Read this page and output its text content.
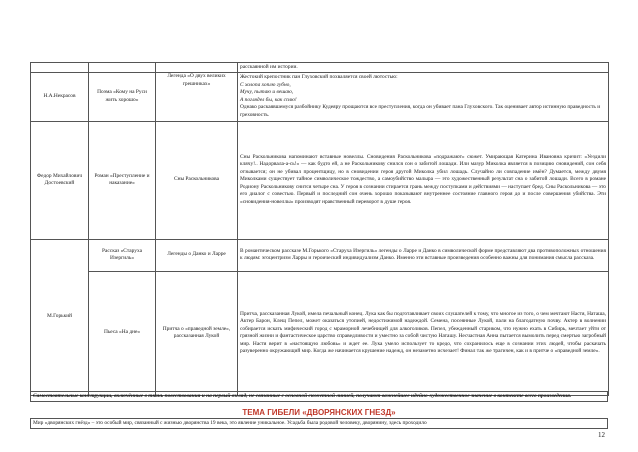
			расскаянной им истории.
Н.А.Некрасов	Поэма «Кому на Руси жить хорошо»	Легенда «О двух великих грешниках»	Жестокий крепостник пан Глуховский похваляется своей лютостью:
С холопа хоплю губно,
Мучу, пытаю и вешаю,
А поглядел бы, как сплю!
Однако раскаявшемуся разбойнику Кудеяру прощаются все преступления, когда он убивает пана Глуховского. Так оценивает автор истинную праведность и греховность.

Федор Михайлович Достоевский	Роман «Преступление и наказание»	Сны Раскольникова	Сны Раскольникова напоминают вставные новеллы. Сновидения Раскольникова «подражают» сюжет. Умирающая Катерина Ивановна кричит: «Уездили клячу!.. Надорвала-а-сь!» — как будто ей, а не Раскольникову снился сон о забитой лошади. Или мазур Миколка является в позицию сновидений, сон себя отзывается; он не убивал процентщицу, но в сновидении героя другой Миколка убил лошадь. Случайно ли совпадение имён? Думается, между двумя Миколками существует тайное символическое тождество, а самоубийство малыра — это художественный результат сна о забитой лошади. Всего в романе Родиону Раскольникову снится четыре сна. У героя в сознании стирается грань между поступками и действиями — наступает бред. Сны Раскольникова — это его диалог с совестью. Первый и последний сон очень хорошо показывают внутреннее состояние главного героя до и после совершения убийства. Эти «сновидения-новеллы» производят нравственный переворот в душе героя.
М.Горький	Рассказ «Старуха Изергиль»	Легенды о Данко и Ларре	В романтическом рассказе М.Горького «Старуха Изергиль» легенды о Ларре и Данко в символической форме представляют два противоположных отношения к людям: эгоцентризм Ларры и героический индивидуализм Данко. Именно эти вставные произведения особенно важны для понимания смысла рассказа.
	Пьеса «На дне»	Притча о «праведной земле», рассказанная Лукой	Притча, рассказанная Лукой, имела печальный конец. Лука как бы подготавливает своих слушателей к тому, что многое из того, о чем мечтают Настя, Наташа, Актер Барон, Клещ Пепел, может оказаться утопией, недостижимой надеждой. Семена, посеянные Лукой, пали на благодатную почву. Актер в волнении собирается искать мифический город с мраморной лечебницей для алкоголиков. Пепел, убежденный стариком, что нужно ехать в Сибирь, мечтает уйти от грязной жизни и фантастическое царство справедливости и уместно за собой чистую Наташу. Несчастная Анна пытается вымолить перед смертью загробный мир. Настя верит в «настоящую любовь» и ждет ее. Лука умело использует то кредо, что сохранилось еще в сознании этих людей, чтобы раскачать разуверенно окружающий мир. Когда же начинается крушение надежд, он незаметно исчезает! Финал так же трагичен, как и в притче о «праведной земле».
Самостоятельные конструкции, включённые в ткань повествования и на первый взгляд, не связанные с основной сюжетной линией, получают важнейшее идейно-художественное значение в контексте всего произведения.
ТЕМА ГИБЕЛИ «ДВОРЯНСКИХ ГНЕЗД»
Мир «дворянских гнёзд» – это особый мир, связанный с жизнью дворянства 19 века, это явление уникальное. Усадьба была родовой человеку, дворянину, здесь проходило
12
